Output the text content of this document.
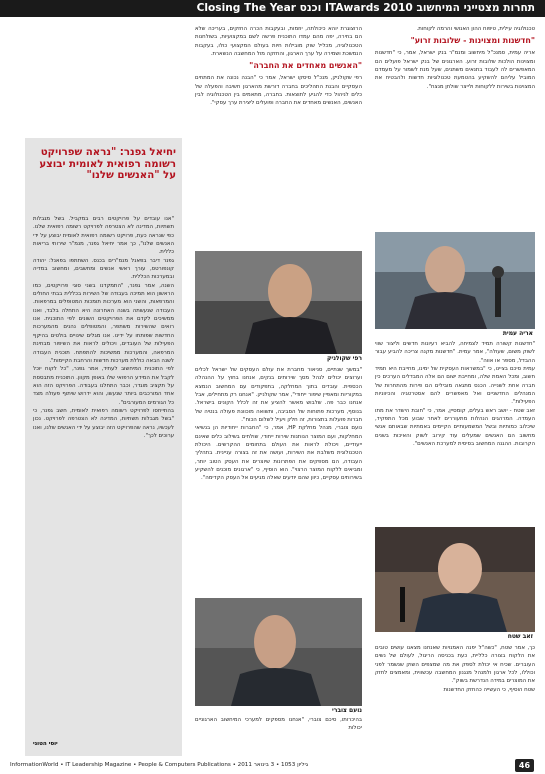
תחרות מצטייני המיחשוב ITAwards 2010 וכנס Closing The Year

טכנולוגיה עילית, טיפוח ההון האנושי והרמה לקוחות.

"חדשנות ומצוינות - שלובות זרוע"

אריה עמית, סמנכ"ל מיחשוב ומנמ"ר בנק ישראל, אמר, כי "חדשנות ומצוינות הולכות שלובות זרוע. הארגונים של בנק ישראל פועלים הם המאפשרים לה לעבוד בתנאים משתנים, שעל מנת לשמור על מעמדם המוביל עליהם להשקיע בהטמעת טכנולוגיות חדשות ולהבטיח את המצוינות בשירות ללקוחות ולייצר שולחן מנצח".

אריה עמית

"חדשנות קשורה תמיד לצמיחה, להביא רעיונות חדשים וליצור שווי לשוק משום, שעולה", אמר עמית. "חדשנות מקנה צריכה להביע עבור ההבדל, מספר או אווה".

עמית סיכם בציינו, כי "במשראות העסקית של ימינו, מחייבת היא תמיד חשוב, ומכל האמת שלה, ומחייבת ישום הם אלה המבדלים הערכים כין חברה אחת לשנייה. הכנס מתגאה מובילים הם פירות מהתחרות של המנהלים החדשניים ואל מאפשרים להם אסטרטגיה והכיווניות הפעילות".

זאב שטח - יושב ראש בעלים, קומסיין, אמר, כי "חובת הישדר את מתו העמדה. המרהגים הנהלות מתעוררים לאחר שבוע מכל התפקיד, שיכלוב כמותיות ובשל המשמעותיים הקיימים באמתיות שבאותם אנשי מחשוב הם האנשים שמעלים עוד קירוב לשוק והאיכות בשנים הקרובות. ההגנה המחשוב בסיסית למערכת האנשים".

זאב שטח

כך, אמר שטח, "כשה"ל יפנה האמנויות שאנחנו מצאנו עושים טובים את הלקוח בצורה כלליית, כעת בכניסה הריגול, לעולם של נשים העוברים. שכיח אי יכולת לספק את מה שמצפים השוק שנשמר לפני וכוללו, לכל ארגון ולמנהל מנגנון המחשבה עכשווית, ומאמצים לחזק את המוצרים במידה הנדרשת בשוק".

שטח הוסיף, כי העשייה כהחזק החדשנות

הרוצוגרת יוהא כיכולתה, יוזמות, ובעקבות הכרה החזקים, בעריכה שלא הם בחירה, יפה מהם עמדו התוכנית פרשה לשם במקצועיות, בשולחנות הטכנולוגיה, מכליל שוק מובילות חיות בעולם המקצועי כולו, בעקבות הנמשכת ושמירה על ערך הארגון, והחזקה מול המחשבה הנשארת.

"האנשים מאחדים את החברה"

רפי שקולניק, מנכ"ל סיסקו ישראל, אמר כי "הבנה נכונה את המתחים העסקיים והבנת התהליכים בחברה דורשת מהארגון חשיבה והפעלה של כלים לניהול כדי להגיע לתוצאות. בחברה, מתאמים בין הטכנולוגיה לבין האנשים, האנשים מאחדים את החברה ופועלים ליצירת ערך עסקי".

רפי שקולניק

"במשך שנתיים, סניאור מחברת את עולם העסקים של ישראל לכלים וערוצים יכולים לנהל מסך שירותים בנקים, אנחנו בחוץ על ההנהלה הכספית. עובדים בתוך המחלקה, בתפקודים עם המחשוב הנמצא במקוריות ומאפיין שיפור ייחודי", אמר שקולניק. "אנחנו רק מתחילים, אבל אנחנו כבר פה. שלבוש מאשר להציע את זה לכלל הקונים בישראל. בנוסף, מערכות פתוחות של הסביבה, ותשואה מוכוונת פעולה בנטיה של חברות פועלות בתצורות, זה חלק ויעיל לשלום הכוח".

נועם צוברי, מנהל מחלקת HP, אמר, כי "החברות ייחודיות הן בנשיאי המחלקות, ועם המוצר הנותנות שירות ייחודי, שולחים בשילוב כלים שאינם ייעודיים, ויכולת לראות את העולם בתחומים ההקרשים. היכולת הטכנולוגית משלבת את השירות, ועושה את זה בצורה עניינית. בתהליך העבודה, הם מספקים את הפתרונות שיוצרים את העסק הטוב יותר, ומביאים ללקוח המוצר הרצוי". הוא הוסיף, כי "ארגונים מוכנים להשקיע בשירותים עסקיים, כיוון שהם יודעים שאלה מגיעים אל העסק הקדימה".

נועם צוברי

בהיכרותו, סיכם צוברי, "אנחנו מספקים למערכי המיחשוב הארגוניים יכולות

יחיאל גפנר: "נראה שפרויקט רשומה רפואית לאומית יבוצע על "האנשים שלנו"

"אנו עובדים על פרויקטים רבים במקביל. בשל מגבלות תשתיות, המדינה לא הצטרפה לפרויקט רשומה רפואית שלנו. כפי שנראה כעת, פרויקט רשומה רפואית לאומית יבוצע על ידי האנשים שלנו", כך אמר יחיאל גפנר, מנמ"ר שירותי בריאות כללית.

גפנר דיבר בפאנל מנמ"רים בכנס. השתתפו בפאנל: יהודה קונפורטס, עורך ראשי אנשים ומחשבים, ומחשוב במדיה ובמערכות הכללית.

השנה, אמר גפנר, "התמקדנו בשני סוגי פרויקטים, כמו הראשון הוא תמיכה בעבודה של השירות בכללית בבתי החולים והמרפאות, והשני הוא מערכות תומכות המטופלים במרפאות. העבודה שנעשתה בשנה האחרונה היא התחלה בלבד, ואנו ממשיכים לקדם את הפרויקטים השונים לפי התוכנית. אנו רואים שהשירות משתפר, והמטופלים נהנים מהמערכות החדשות שפותחו על ידינו. אנו מגלים שינויים בולטים בהיקף הפעילות של העובדים, ויכולים לראות את השיפור מבחינת המרפאה, והמערכות ממשיכות להתפתח. תוכנית העבודה לשנה הבאה כוללת מערכות חדשות והרחבת הקיימות".

לפי התוכנית המיחשוב לעתיד, אמר גפנר, "כל לקוח יוכל לקבל את המידע הרפואי שלו באופן מקוון. התוכנית מתבססת על תקציב מוגדר, וכבר התחלנו בעבודה. הפרויקט הזה הוא אחד המורכבים ביותר שנעשו, והוא ידרוש שיתוף פעולה מצד כל הגורמים המעורבים".

בהתייחסו לפרויקט רשומה רפואית לאומית, חשב גפנר, כי "בשל מגבלות תשתיות, המדינה לא הצטרפה לפרויקט. נכון לעכשיו, נראה שהפרויקט הזה יבוצע על ידי האנשים שלנו, ואנו ערוכים לכך".

יוסי הטוני
InformationWorld • IT Leadership Magazine • People & Computers Publications • 2011 גיליון 1053 • 3 בינואר	46
